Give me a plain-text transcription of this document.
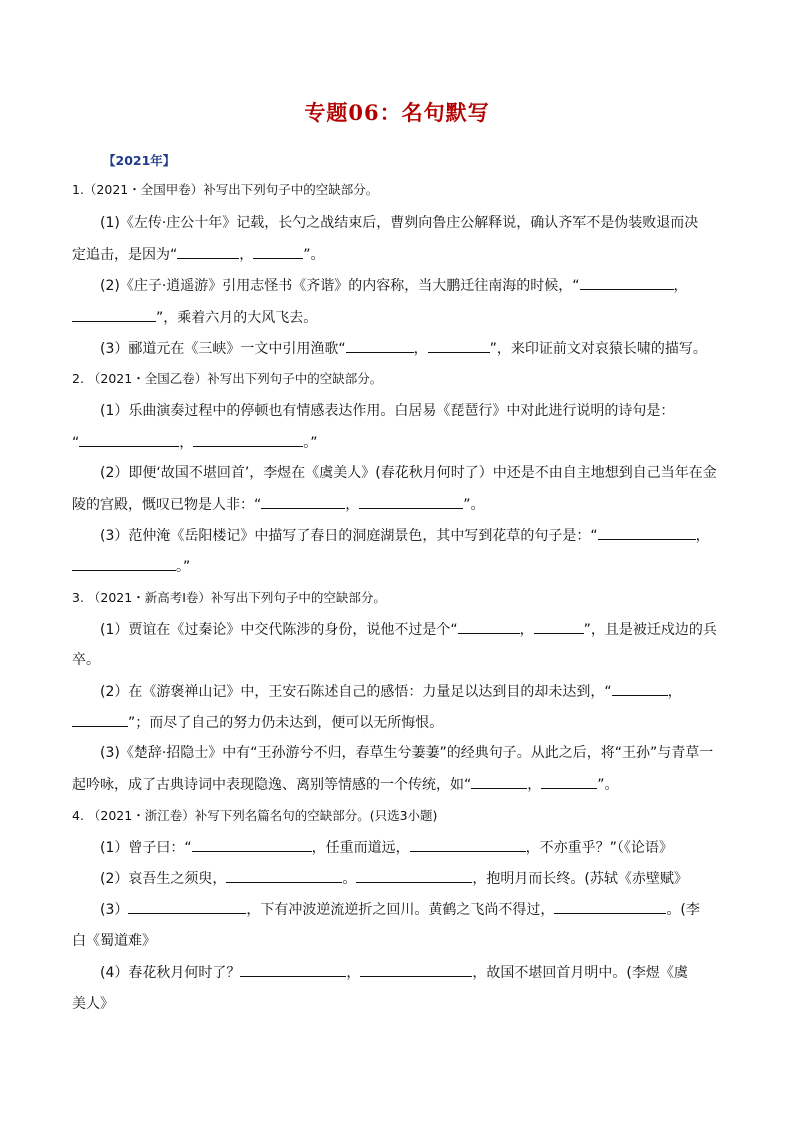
专题06：名句默写
【2021年】
1.（2021・全国甲卷）补写出下列句子中的空缺部分。
(1)《左传·庄公十年》记载，长勺之战结束后，曹刿向鲁庄公解释说，确认齐军不是伪装败退而决
定追击，是因为“	，	”。
(2)《庄子·逍遥游》引用志怪书《齐谐》的内容称，当大鹏迁往南海的时候，“	，
”，乘着六月的大风飞去。
(3）郦道元在《三峡》一文中引用渔歌“	，	”，来印证前文对哀猿长啸的描写。
2. （2021・全国乙卷）补写出下列句子中的空缺部分。
(1）乐曲演奏过程中的停顿也有情感表达作用。白居易《琵琶行》中对此进行说明的诗句是：
“	，	。”
(2）即便‘故国不堪回首’，李煜在《虞美人》(春花秋月何时了）中还是不由自主地想到自己当年在金
陵的宫殿，慨叹已物是人非：“	，	”。
(3）范仲淹《岳阳楼记》中描写了春日的洞庭湖景色，其中写到花草的句子是：“	，
。”
3. （2021・新高考Ⅰ卷）补写出下列句子中的空缺部分。
(1）贾谊在《过秦论》中交代陈涉的身份，说他不过是个“	，	”，且是被迁戍边的兵
卒。
(2）在《游褒禅山记》中，王安石陈述自己的感悟：力量足以达到目的却未达到，“	，
”；而尽了自己的努力仍未达到，便可以无所悔恨。
(3)《楚辞·招隐士》中有“王孙游兮不归，春草生兮萋萋”的经典句子。从此之后，将“王孙”与青草一
起吟咏，成了古典诗词中表现隐逸、离别等情感的一个传统，如“	，	”。
4. （2021・浙江卷）补写下列名篇名句的空缺部分。(只选3小题)
(1）曾子曰：“	，任重而道远，	，不亦重乎？”（《论语》
(2）哀吾生之须臾，	。	，抱明月而长终。(苏轼《赤壁赋》
(3）	，下有冲波逆流逆折之回川。黄鹤之飞尚不得过，	。(李
白《蜀道难》
(4）春花秋月何时了？	，	，故国不堪回首月明中。(李煜《虞
美人》
